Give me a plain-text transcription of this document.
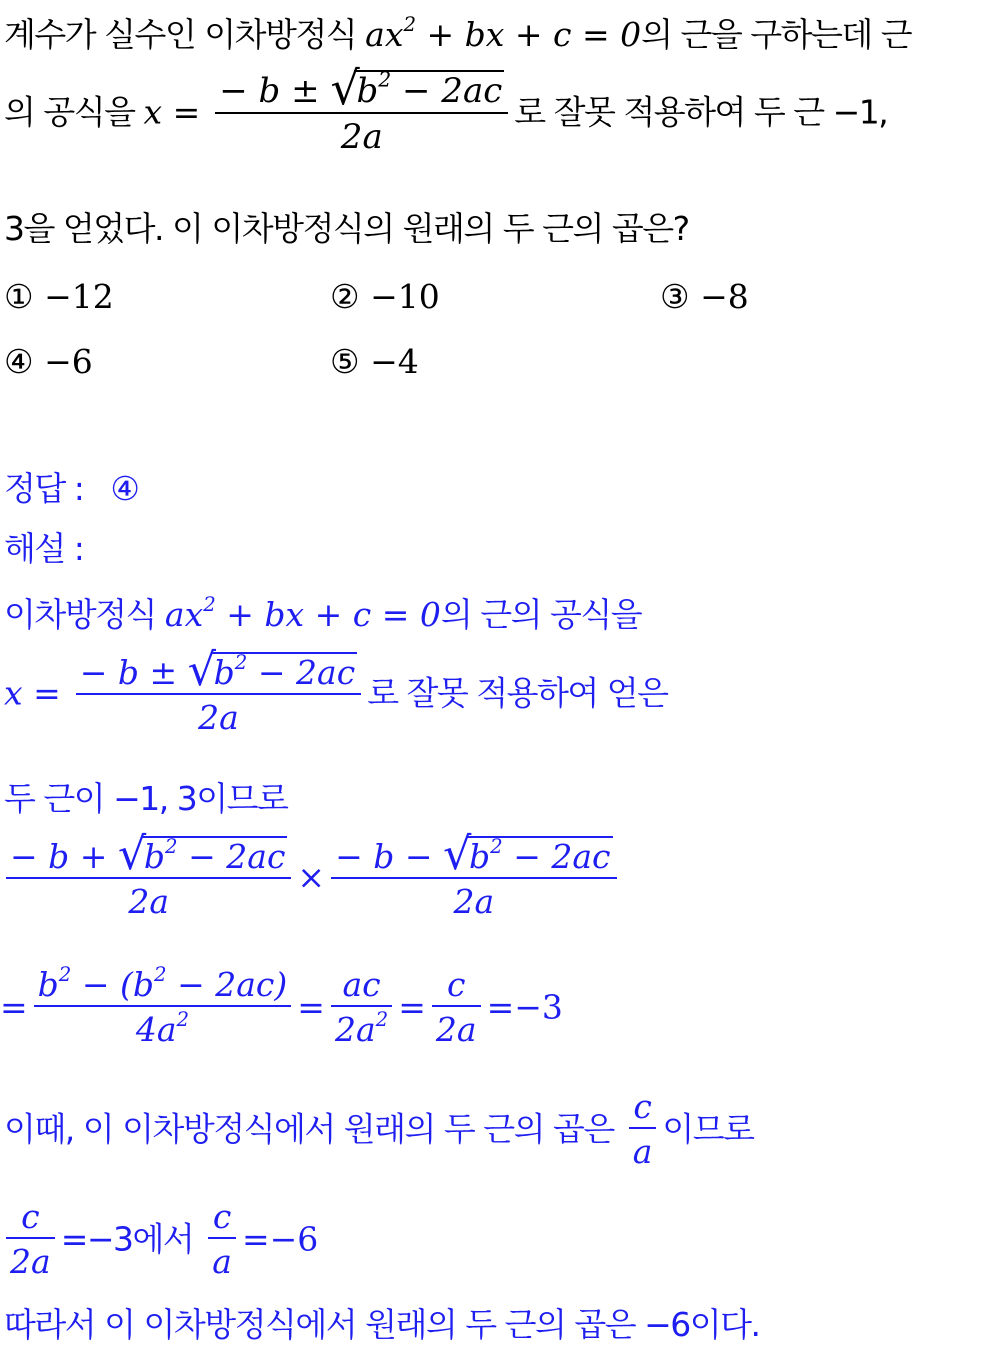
계수가 실수인 이차방정식 $ax^2$ + bx + c = 0의 근을 구하는데 근
의 공식을 x = − b ± √
$b^2 - 2ac$
2a 로 잘못 적용하여 두 근 −1,
3을 얻었다. 이 이차방정식의 원래의 두 근의 곱은?
① −12	② −10	③ −8
④ −6	⑤ −4
정답 : ④
해설 :
이차방정식 $ax^2$ + bx + c = 0의 근의 공식을
x = − b ± √
$b^2 - 2ac$
2a 로 잘못 적용하여 얻은
두 근이 −1, 3이므로
− b + √
$b^2 - 2ac$
2a × − b − √
$b^2 - 2ac$
2a
= $\frac{b^2 - (b^2 - 2ac)}{4a^2} = \frac{ac}{2a^2} = \frac{c}{2a} =-3$
이때, 이 이차방정식에서 원래의 두 근의 곱은 $\frac{c}{a}$ 이므로
$\frac{c}{2a} =-3$에서 $\frac{c}{a} =-6$
따라서 이 이차방정식에서 원래의 두 근의 곱은 −6이다.
